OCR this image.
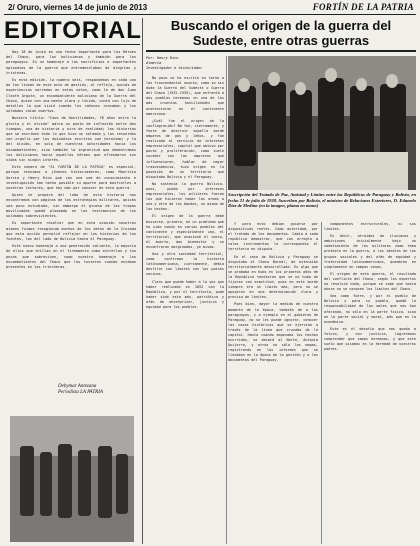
2/ Oruro, viernes 14 de junio de 2013	FORTÍN DE LA PATRIA
EDITORIAL

Hoy 18 de junio es una fecha importante para los Héroes del Chaco, para los bolivianos y también para los paraguayos. Es un homenaje a los sacrificios e importantes episodios de la guerra que entremezclaban de alegrías y tristezas.

Es esta edición, la numero seis, respondemos en cada uno de las líneas de este acto de gestión, al reflejo, quizás de experiencias narradas en estas notas, como la de don Juan Cleofe Argote, un excombatiente boliviano de la Guerra del Chaco, quien con una mente clara y lúcida, contó con lujo de detalles lo que vivió cuando los cañones roncaban y los soldados caían muertos.

Nuestro título: "Caos de Hostilidades, 78 años entre la gloria y el olvido" marca un punto de inflexión entre dos tiempos, una de historia y otra de realidad; las historias que se escriben todo lo que hizo un soldado y los recuerdos con orgullo por los episodios escritos con heroísmo; y la del olvido, en solo de nuestras autoridades hacia los excombatientes, sino también la ingratitud que demostramos los bolivianos hacia aquellos héroes que ofrendaron sus vidas sin ningún interés.

Este número de "EL FORTÍN DE LA PATRIA" es especial, porque reúnimos a jóvenes historiadores, como Mauricio García y Henry Rico que con una sed de conocimiento e investigación han hecho posible su aporte para mostrarles a nuestros lectores, que hay más por conocer de esta guerra.

Quien se prepara del lado de esta historia nos encontramos con páginas de las estrategias militares, quizás sea poco estudiada, sin embargo el grueso de las tropas movilizadas quedó plasmado en los testimonios de los soldados sobrevivientes.

Es importante resaltar que en esta ocasión nosotros mismos fuimos recogiendo muchos de los datos de la Cruzada que esta acción permitió reflejar en las historias de las fuentes, las del lado de Bolivia hasta el Paraguay.

Este nuevo homenaje a una generación valiente, la mayoría de ellos que brillan en el firmamento como estrellas y los pocos que sobreviven, como nuestro homenaje a los excombatientes del Chaco que les tuvieron cuando estaban presentes en las trincheras.

Debymar Antezana
Periodista LA PATRIA
Buscando el origen de la guerra del Sudeste, entre otras guerras
Por: Henry Rico
Almería
Investigador e historiador

No poco se ha escrito en torno a las trascendental asunto, como se sin duda la Guerra del Sudeste o Guerra del Chaco (1932-1935), que enfrentó a dos pueblos hermanos en una de las más cruentas hostilidades que acontecieron en el continente americano.

¿Cuál fue el origen de la conflagración? No fue, ciertamente, y fuera de destruir aquella borde amparos de gas y leños, y fue realizada al servicio de intereses empresariales, capital que obtuvo por pacto y proliferación, como suele suceder con las empresas que influenciaron, hablar de mayor trascendencia, tuvo origen en la posesión de un territorio que disputaba Bolivia y el Paraguay.

No sostenía la guerra Bolivia, pues, pueda por intereses empresariales, los militares fueron los que hicieron tomar las armas a uno y otro de los bandos, un mismo de los hechos.

El origen de la guerra debe buscarse, primero, en un problema que ha sido común en varios pueblos del continente y especialmente uno, el territorial, que ocasionó el vacío, el muerto, don bienestar y se encontraron marginados, yo mismo.

Una y otra sociedad territorial, como confirman la historia latinoamericana, ciertamente, debía desfilar con límites con los países vecinos.

Claro que puede haber a la vez que haber realizado en 1852 con la República, y por el territorio, pude haber sido esta más, patriótico y afán de enseñorizar, justicia y equidad para los pueblos.

Suscripción del Tratado de Paz, Amistad y Límites entre las Repúblicas de Paraguay y Bolivia, en fecha 21 de julio de 1938. Suscriben por Bolivia, el ministro de Relaciones Exteriores, D. Eduardo Díez de Medina (en la imagen, pluma en mano)

Y para esto debían guiarse por dispositivos reales. Como autoridad, por el tratado de los documentos. Cabía a cada república demostrar, que con arreglo a tales instrumentos le correspondía el territorio en disputa.

En el caso de Bolivia y Paraguay se disputaba el Chaco Boreal, de extensión territorialmente desarrollada. Es algo que se probaba en hubo en los primeros años de la República tendieron que se no hubo de fijarse con exactitud, pues en este borde siempre era un límite más, pero no se apoyaron en una determinación clara y precisa de límites.

Pues bien, mayor la medida de nuestro momento de la época, también de a los paraguayos, y a ejemplo en el gobierno de Paraguay, no se les puede ignorar, conocer las cosas históricas que se ejercían a través de la línea que cruzaba de la capital. Hasta cuando empezaba los hechos ocurridos, se desató al Norte, Antonio Quijarro, y otros no sólo los mapas, registrando en los informes que se llevaban en la época de la gestión y a los documentos del Paraguay.

componentes estructurales, ni sus límites.

Es decir, atraídos de ilusiones y ambiciones inicialmente bajo un sometimiento de los militares como tema pretexto en la guerra, a los ideales de los grupos sociales y del afán de equidad y fraternidad latinoamericana, quedaron en simplemente en campos vanos.

El origen de esta guerra, el resultado del conflicto del Chaco, según los expertos no resolvió nada, porque se sabe que hasta ahora no se conocen los límites del Chaco.

Sea como fuere, y por el pueblo de Bolivia y para su pueblo, quedó la responsabilidad de los males que nos han afectado, no sólo en la parte fisica, sino en la parte social y moral, más que en la económica.

Este es el desafío que nos queda a futuro, y con justicia, lograremos comprender que somos hermanos, y que este suelo que pisamos es la heredad de nuestros padres.
